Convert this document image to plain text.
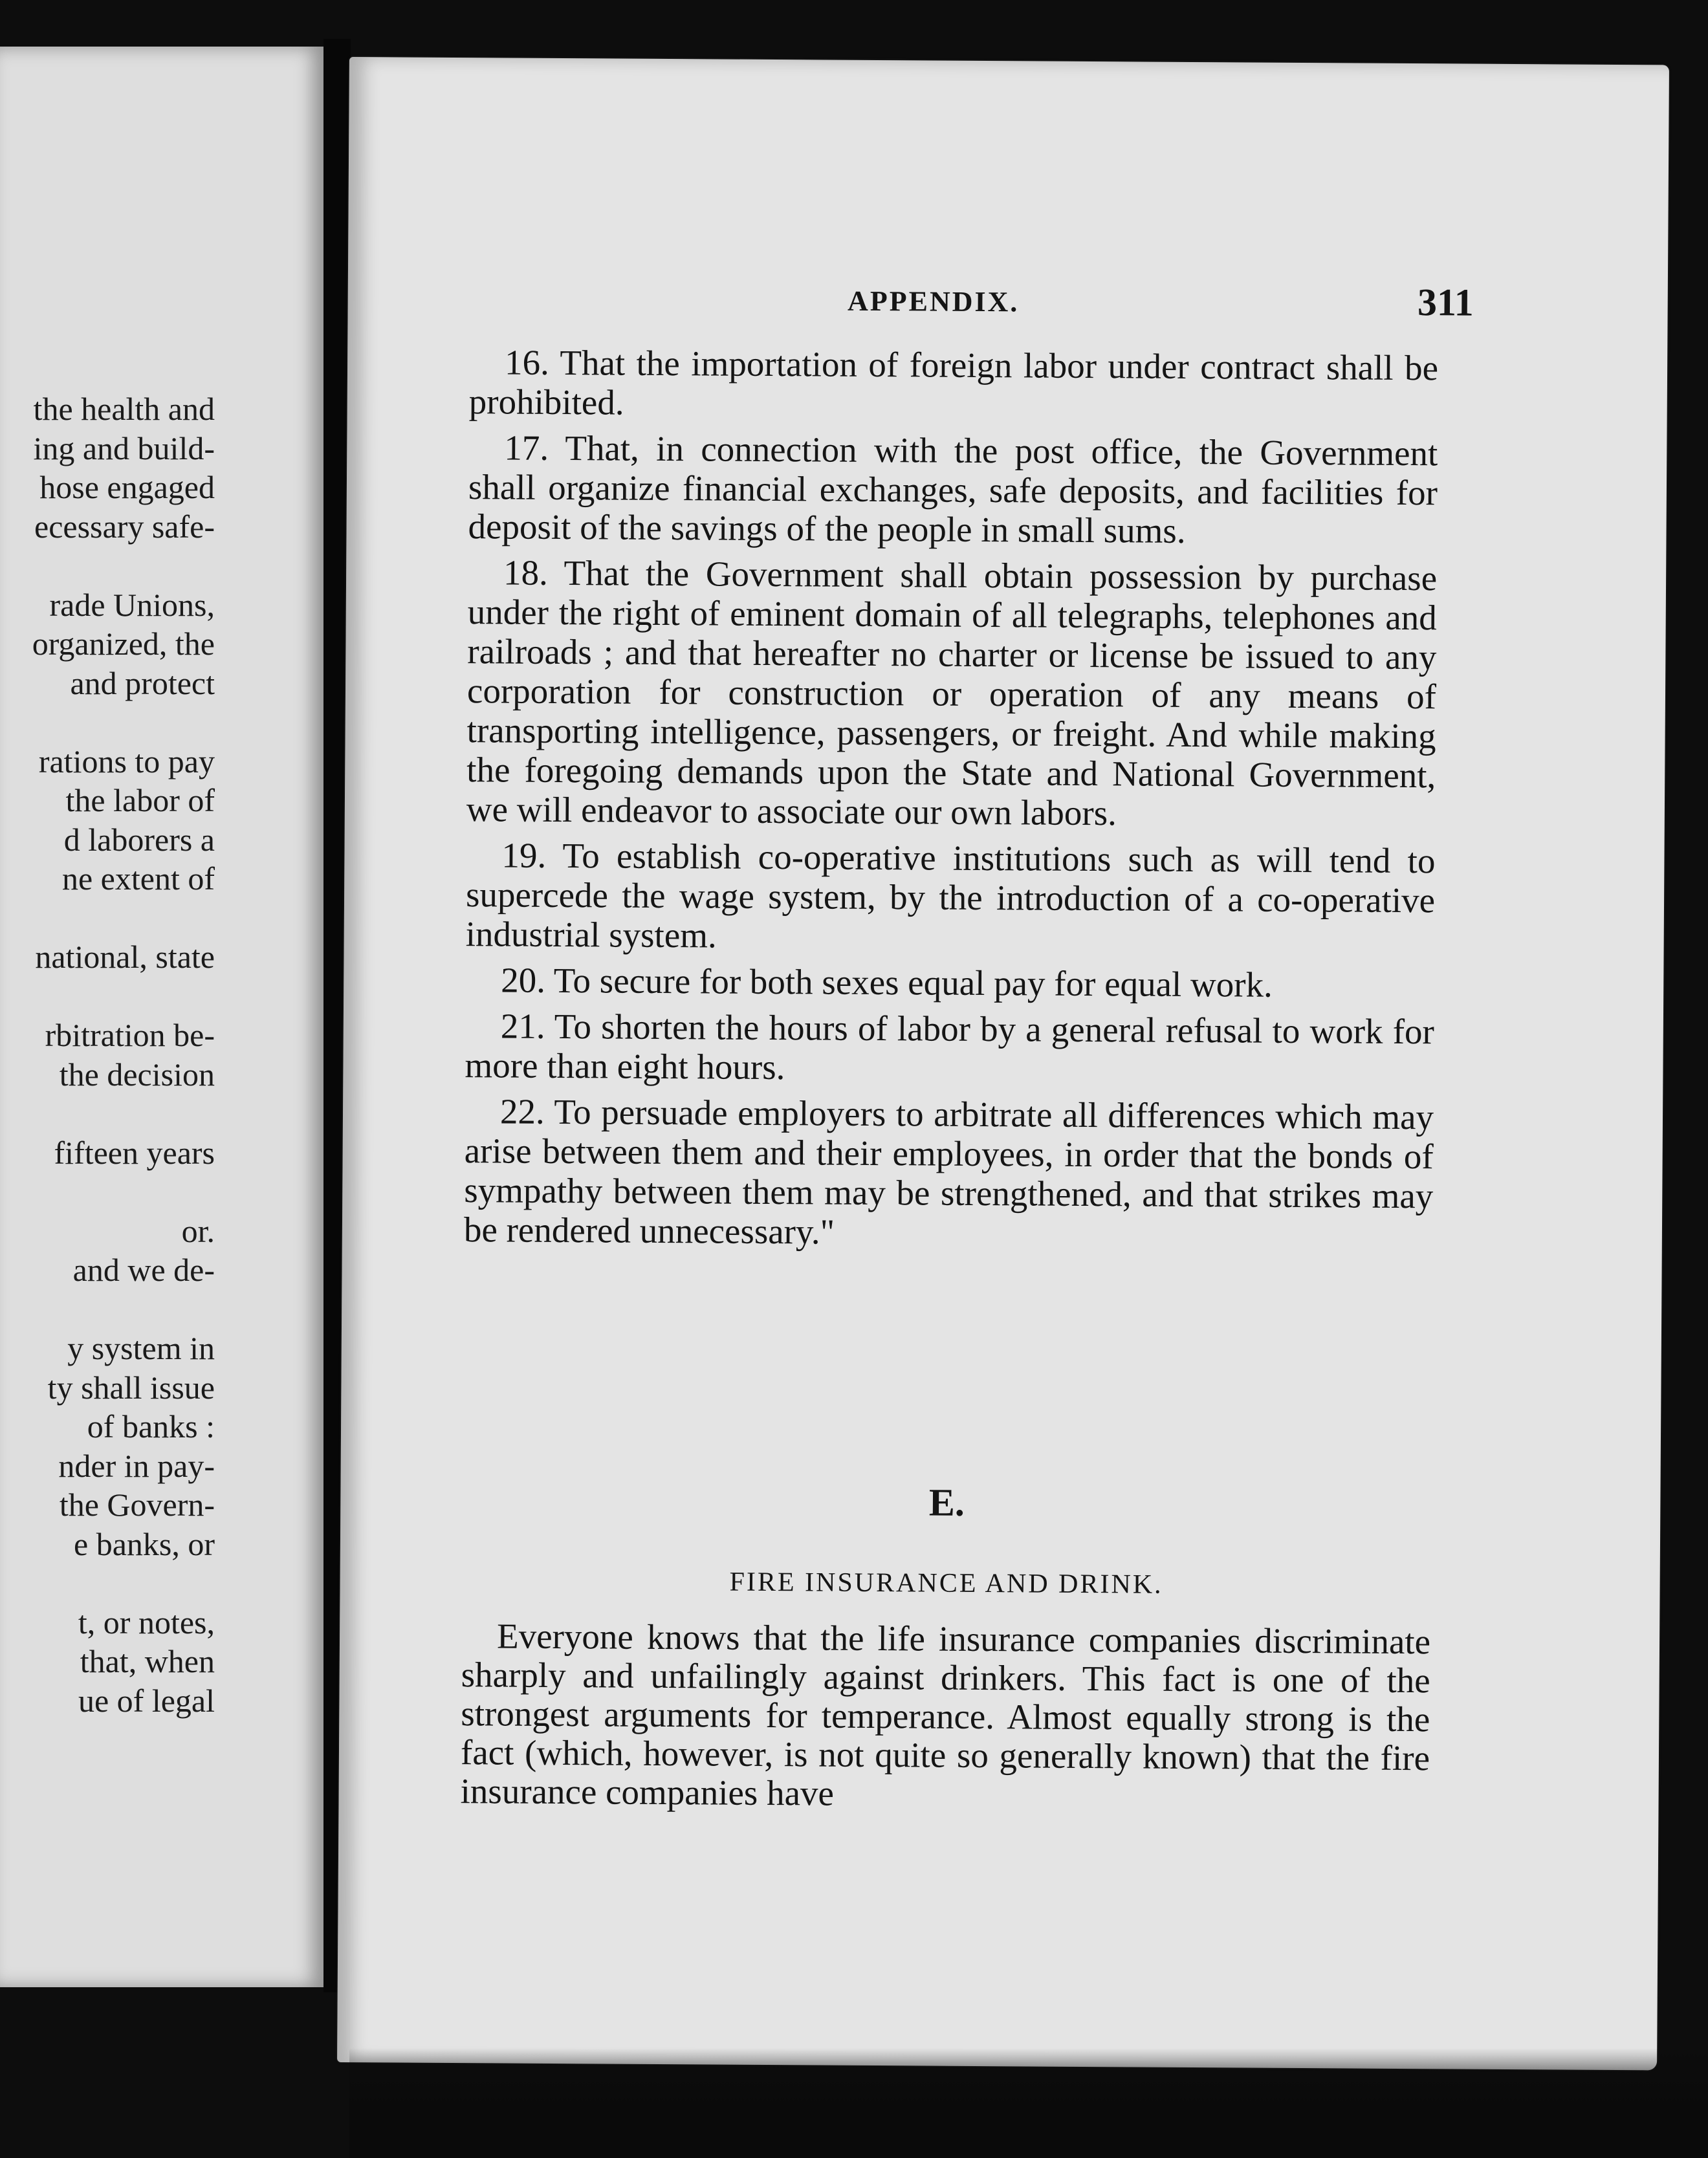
the health and
ing and build-
hose engaged
ecessary safe-
rade Unions,
organized, the
and protect
rations to pay
the labor of
d laborers a
ne extent of
national, state
rbitration be-
the decision
fifteen years
or.
and we de-
y system in
ty shall issue
of banks :
nder in pay-
the Govern-
e banks, or
t, or notes,
that, when
ue of legal
APPENDIX.	311

16. That the importation of foreign labor under contract shall be prohibited.

17. That, in connection with the post office, the Government shall organize financial exchanges, safe deposits, and facilities for deposit of the savings of the people in small sums.

18. That the Government shall obtain possession by purchase under the right of eminent domain of all telegraphs, telephones and railroads ; and that hereafter no charter or license be issued to any corporation for construction or operation of any means of transporting intelligence, passengers, or freight. And while making the foregoing demands upon the State and National Government, we will endeavor to associate our own labors.

19. To establish co-operative institutions such as will tend to supercede the wage system, by the introduction of a co-operative industrial system.

20. To secure for both sexes equal pay for equal work.

21. To shorten the hours of labor by a general refusal to work for more than eight hours.

22. To persuade employers to arbitrate all differences which may arise between them and their employees, in order that the bonds of sympathy between them may be strengthened, and that strikes may be rendered unnecessary."

E.
FIRE INSURANCE AND DRINK.

Everyone knows that the life insurance companies discriminate sharply and unfailingly against drinkers. This fact is one of the strongest arguments for temperance. Almost equally strong is the fact (which, however, is not quite so generally known) that the fire insurance companies have
